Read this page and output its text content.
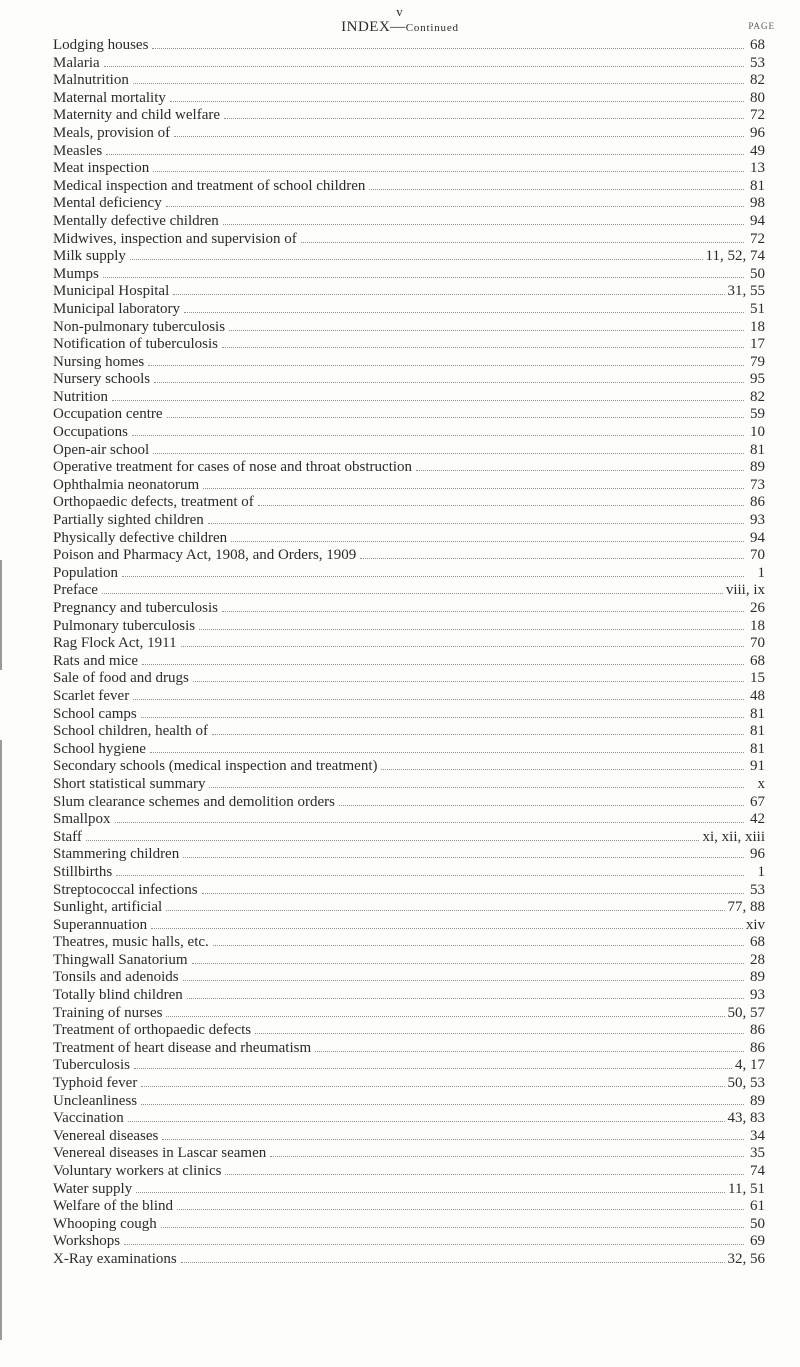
v
INDEX—Continued	PAGE
Lodging houses	68
Malaria	53
Malnutrition	82
Maternal mortality	80
Maternity and child welfare	72
Meals, provision of	96
Measles	49
Meat inspection	13
Medical inspection and treatment of school children	81
Mental deficiency	98
Mentally defective children	94
Midwives, inspection and supervision of	72
Milk supply	11, 52, 74
Mumps	50
Municipal Hospital	31, 55
Municipal laboratory	51
Non-pulmonary tuberculosis	18
Notification of tuberculosis	17
Nursing homes	79
Nursery schools	95
Nutrition	82
Occupation centre	59
Occupations	10
Open-air school	81
Operative treatment for cases of nose and throat obstruction	89
Ophthalmia neonatorum	73
Orthopaedic defects, treatment of	86
Partially sighted children	93
Physically defective children	94
Poison and Pharmacy Act, 1908, and Orders, 1909	70
Population	1
Preface	viii, ix
Pregnancy and tuberculosis	26
Pulmonary tuberculosis	18
Rag Flock Act, 1911	70
Rats and mice	68
Sale of food and drugs	15
Scarlet fever	48
School camps	81
School children, health of	81
School hygiene	81
Secondary schools (medical inspection and treatment)	91
Short statistical summary	x
Slum clearance schemes and demolition orders	67
Smallpox	42
Staff	xi, xii, xiii
Stammering children	96
Stillbirths	1
Streptococcal infections	53
Sunlight, artificial	77, 88
Superannuation	xiv
Theatres, music halls, etc.	68
Thingwall Sanatorium	28
Tonsils and adenoids	89
Totally blind children	93
Training of nurses	50, 57
Treatment of orthopaedic defects	86
Treatment of heart disease and rheumatism	86
Tuberculosis	4, 17
Typhoid fever	50, 53
Uncleanliness	89
Vaccination	43, 83
Venereal diseases	34
Venereal diseases in Lascar seamen	35
Voluntary workers at clinics	74
Water supply	11, 51
Welfare of the blind	61
Whooping cough	50
Workshops	69
X-Ray examinations	32, 56
